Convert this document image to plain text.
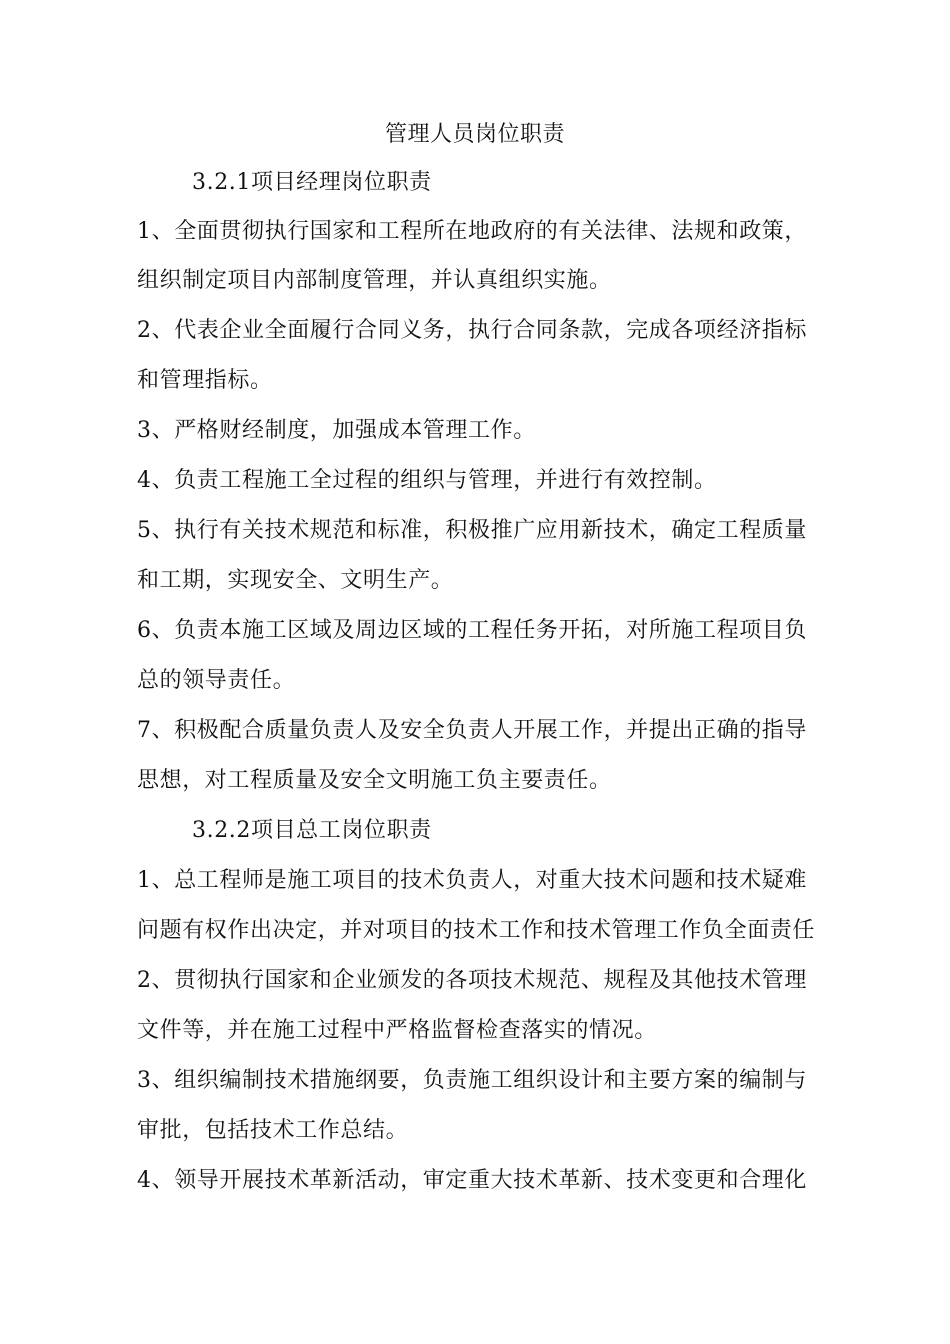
管理人员岗位职责
3.2.1项目经理岗位职责
1、全面贯彻执行国家和工程所在地政府的有关法律、法规和政策，
组织制定项目内部制度管理，并认真组织实施。
2、代表企业全面履行合同义务，执行合同条款，完成各项经济指标
和管理指标。
3、严格财经制度，加强成本管理工作。
4、负责工程施工全过程的组织与管理，并进行有效控制。
5、执行有关技术规范和标准，积极推广应用新技术，确定工程质量
和工期，实现安全、文明生产。
6、负责本施工区域及周边区域的工程任务开拓，对所施工程项目负
总的领导责任。
7、积极配合质量负责人及安全负责人开展工作，并提出正确的指导
思想，对工程质量及安全文明施工负主要责任。
3.2.2项目总工岗位职责
1、总工程师是施工项目的技术负责人，对重大技术问题和技术疑难
问题有权作出决定，并对项目的技术工作和技术管理工作负全面责任
2、贯彻执行国家和企业颁发的各项技术规范、规程及其他技术管理
文件等，并在施工过程中严格监督检查落实的情况。
3、组织编制技术措施纲要，负责施工组织设计和主要方案的编制与
审批，包括技术工作总结。
4、领导开展技术革新活动，审定重大技术革新、技术变更和合理化
